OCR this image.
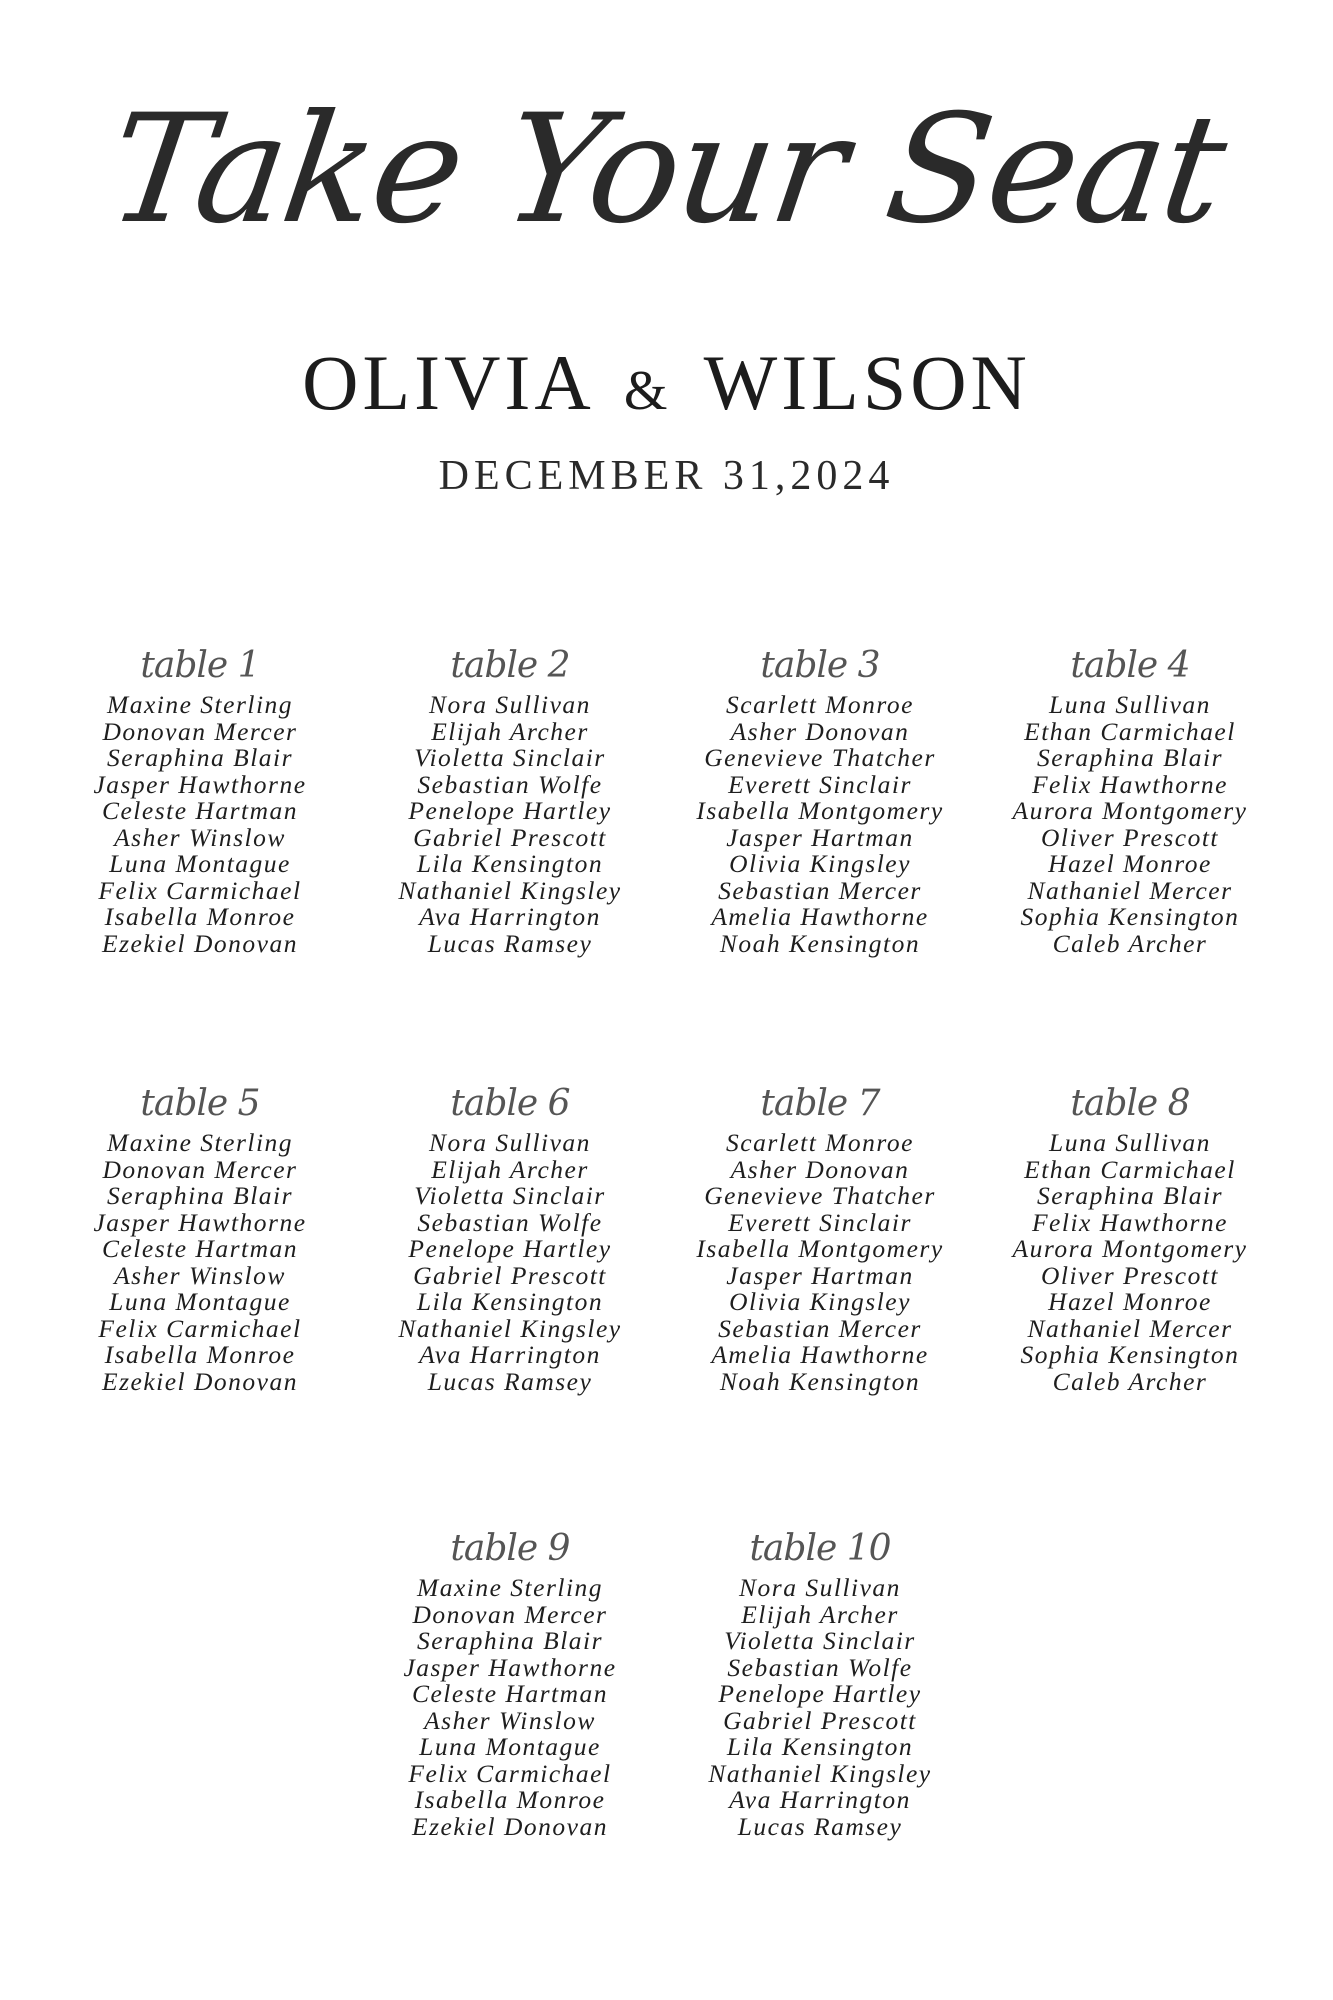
Take Your Seat
OLIVIA & WILSON
DECEMBER 31,2024
table 1
Maxine Sterling
Donovan Mercer
Seraphina Blair
Jasper Hawthorne
Celeste Hartman
Asher Winslow
Luna Montague
Felix Carmichael
Isabella Monroe
Ezekiel Donovan
table 2
Nora Sullivan
Elijah Archer
Violetta Sinclair
Sebastian Wolfe
Penelope Hartley
Gabriel Prescott
Lila Kensington
Nathaniel Kingsley
Ava Harrington
Lucas Ramsey
table 3
Scarlett Monroe
Asher Donovan
Genevieve Thatcher
Everett Sinclair
Isabella Montgomery
Jasper Hartman
Olivia Kingsley
Sebastian Mercer
Amelia Hawthorne
Noah Kensington
table 4
Luna Sullivan
Ethan Carmichael
Seraphina Blair
Felix Hawthorne
Aurora Montgomery
Oliver Prescott
Hazel Monroe
Nathaniel Mercer
Sophia Kensington
Caleb Archer
table 5
Maxine Sterling
Donovan Mercer
Seraphina Blair
Jasper Hawthorne
Celeste Hartman
Asher Winslow
Luna Montague
Felix Carmichael
Isabella Monroe
Ezekiel Donovan
table 6
Nora Sullivan
Elijah Archer
Violetta Sinclair
Sebastian Wolfe
Penelope Hartley
Gabriel Prescott
Lila Kensington
Nathaniel Kingsley
Ava Harrington
Lucas Ramsey
table 7
Scarlett Monroe
Asher Donovan
Genevieve Thatcher
Everett Sinclair
Isabella Montgomery
Jasper Hartman
Olivia Kingsley
Sebastian Mercer
Amelia Hawthorne
Noah Kensington
table 8
Luna Sullivan
Ethan Carmichael
Seraphina Blair
Felix Hawthorne
Aurora Montgomery
Oliver Prescott
Hazel Monroe
Nathaniel Mercer
Sophia Kensington
Caleb Archer
table 9
Maxine Sterling
Donovan Mercer
Seraphina Blair
Jasper Hawthorne
Celeste Hartman
Asher Winslow
Luna Montague
Felix Carmichael
Isabella Monroe
Ezekiel Donovan
table 10
Nora Sullivan
Elijah Archer
Violetta Sinclair
Sebastian Wolfe
Penelope Hartley
Gabriel Prescott
Lila Kensington
Nathaniel Kingsley
Ava Harrington
Lucas Ramsey
